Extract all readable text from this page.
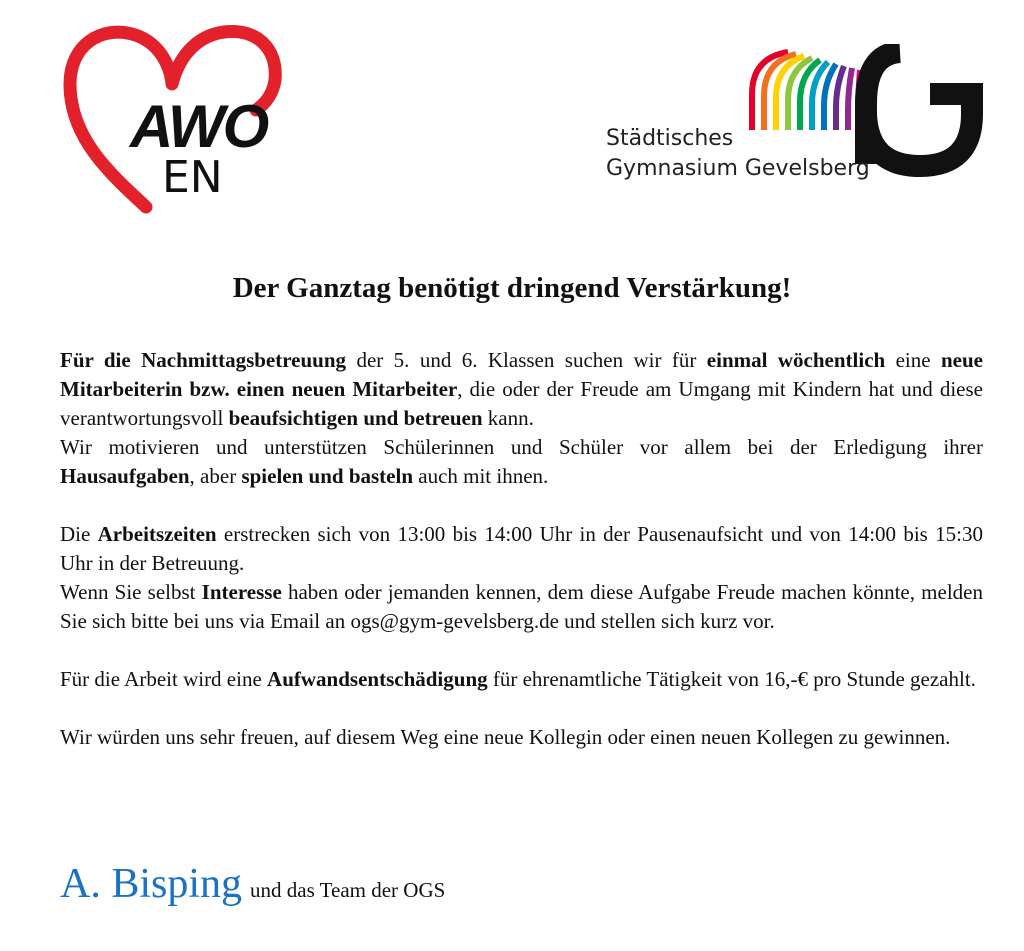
AWO
EN
Städtisches
Gymnasium Gevelsberg
Der Ganztag benötigt dringend Verstärkung!

Für die Nachmittagsbetreuung der 5. und 6. Klassen suchen wir für einmal wöchentlich eine neue Mitarbeiterin bzw. einen neuen Mitarbeiter, die oder der Freude am Umgang mit Kindern hat und diese verantwortungsvoll beaufsichtigen und betreuen kann.
Wir motivieren und unterstützen Schülerinnen und Schüler vor allem bei der Erledigung ihrer Hausaufgaben, aber spielen und basteln auch mit ihnen.

Die Arbeitszeiten erstrecken sich von 13:00 bis 14:00 Uhr in der Pausenaufsicht und von 14:00 bis 15:30 Uhr in der Betreuung.
Wenn Sie selbst Interesse haben oder jemanden kennen, dem diese Aufgabe Freude machen könnte, melden Sie sich bitte bei uns via Email an ogs@gym-gevelsberg.de und stellen sich kurz vor.

Für die Arbeit wird eine Aufwandsentschädigung für ehrenamtliche Tätigkeit von 16,-€ pro Stunde gezahlt.

Wir würden uns sehr freuen, auf diesem Weg eine neue Kollegin oder einen neuen Kollegen zu gewinnen.

A. Bisping und das Team der OGS
